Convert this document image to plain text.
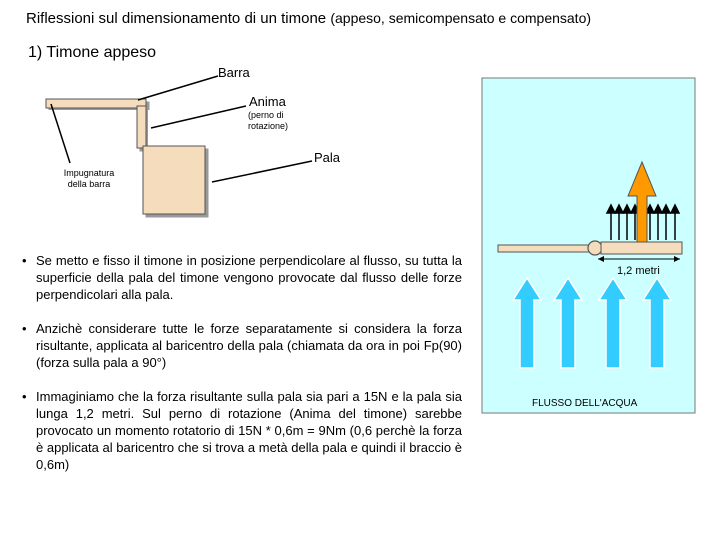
Riflessioni sul dimensionamento di un timone (appeso, semicompensato e compensato)
1) Timone appeso
Barra
Anima
(perno di
rotazione)
Pala
Impugnatura
della barra
1,2 metri
FLUSSO DELL'ACQUA
• Se metto e fisso il timone in posizione perpendicolare al flusso, su tutta la superficie della pala del timone vengono provocate dal flusso delle forze perpendicolari alla pala.
• Anzichè considerare tutte le forze separatamente si considera la forza risultante, applicata al baricentro della pala (chiamata da ora in poi Fp(90) (forza sulla pala a 90°)
• Immaginiamo che la forza risultante sulla pala sia pari a 15N e la pala sia lunga 1,2 metri. Sul perno di rotazione (Anima del timone) sarebbe provocato un momento rotatorio di 15N * 0,6m = 9Nm (0,6 perchè la forza è applicata al baricentro che si trova a metà della pala e quindi il braccio è 0,6m)
